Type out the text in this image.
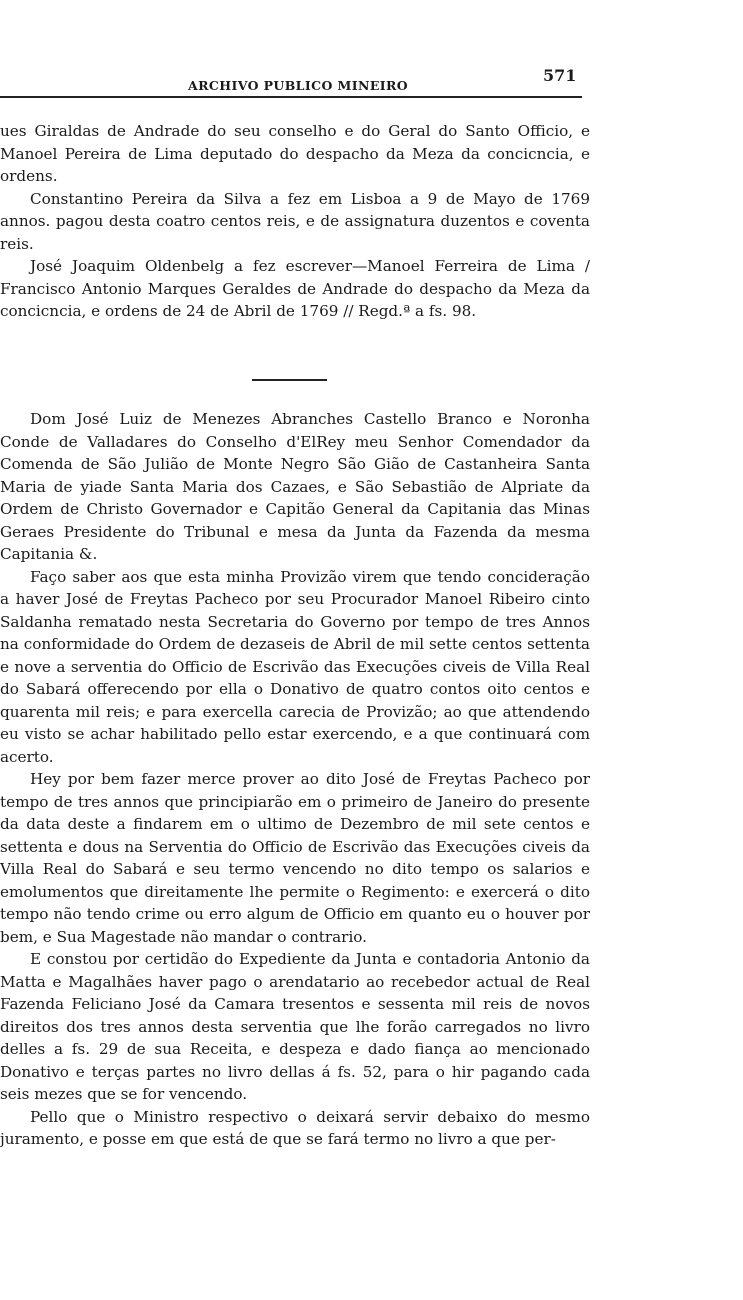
ARCHIVO PUBLICO MINEIRO
571

ues Giraldas de Andrade do seu conselho e do Geral do Santo Officio, e Manoel Pereira de Lima deputado do despacho da Meza da concicncia, e ordens.

Constantino Pereira da Silva a fez em Lisboa a 9 de Mayo de 1769 annos. pagou desta coatro centos reis, e de assignatura duzentos e coventa reis.

José Joaquim Oldenbelg a fez escrever—Manoel Ferreira de Lima / Francisco Antonio Marques Geraldes de Andrade do despacho da Meza da concicncia, e ordens de 24 de Abril de 1769 // Regd.ª a fs. 98.

Dom José Luiz de Menezes Abranches Castello Branco e Noronha Conde de Valladares do Conselho d'ElRey meu Senhor Comendador da Comenda de São Julião de Monte Negro São Gião de Castanheira Santa Maria de yiade Santa Maria dos Cazaes, e São Sebastião de Alpriate da Ordem de Christo Governador e Capitão General da Capitania das Minas Geraes Presidente do Tribunal e mesa da Junta da Fazenda da mesma Capitania &.

Faço saber aos que esta minha Provizão virem que tendo concideração a haver José de Freytas Pacheco por seu Procurador Manoel Ribeiro cinto Saldanha rematado nesta Secretaria do Governo por tempo de tres Annos na conformidade do Ordem de dezaseis de Abril de mil sette centos settenta e nove a serventia do Officio de Escrivão das Execuções civeis de Villa Real do Sabará offerecendo por ella o Donativo de quatro contos oito centos e quarenta mil reis; e para exercella carecia de Provizão; ao que attendendo eu visto se achar habilitado pello estar exercendo, e a que continuará com acerto.

Hey por bem fazer merce prover ao dito José de Freytas Pacheco por tempo de tres annos que principiarão em o primeiro de Janeiro do presente da data deste a findarem em o ultimo de Dezembro de mil sete centos e settenta e dous na Serventia do Officio de Escrivão das Execuções civeis da Villa Real do Sabará e seu termo vencendo no dito tempo os salarios e emolumentos que direitamente lhe permite o Regimento: e exercerá o dito tempo não tendo crime ou erro algum de Officio em quanto eu o houver por bem, e Sua Magestade não mandar o contrario.

E constou por certidão do Expediente da Junta e contadoria Antonio da Matta e Magalhães haver pago o arendatario ao recebedor actual de Real Fazenda Feliciano José da Camara tresentos e sessenta mil reis de novos direitos dos tres annos desta serventia que lhe forão carregados no livro delles a fs. 29 de sua Receita, e despeza e dado fiança ao mencionado Donativo e terças partes no livro dellas á fs. 52, para o hir pagando cada seis mezes que se for vencendo.

Pello que o Ministro respectivo o deixará servir debaixo do mesmo juramento, e posse em que está de que se fará termo no livro a que per-
